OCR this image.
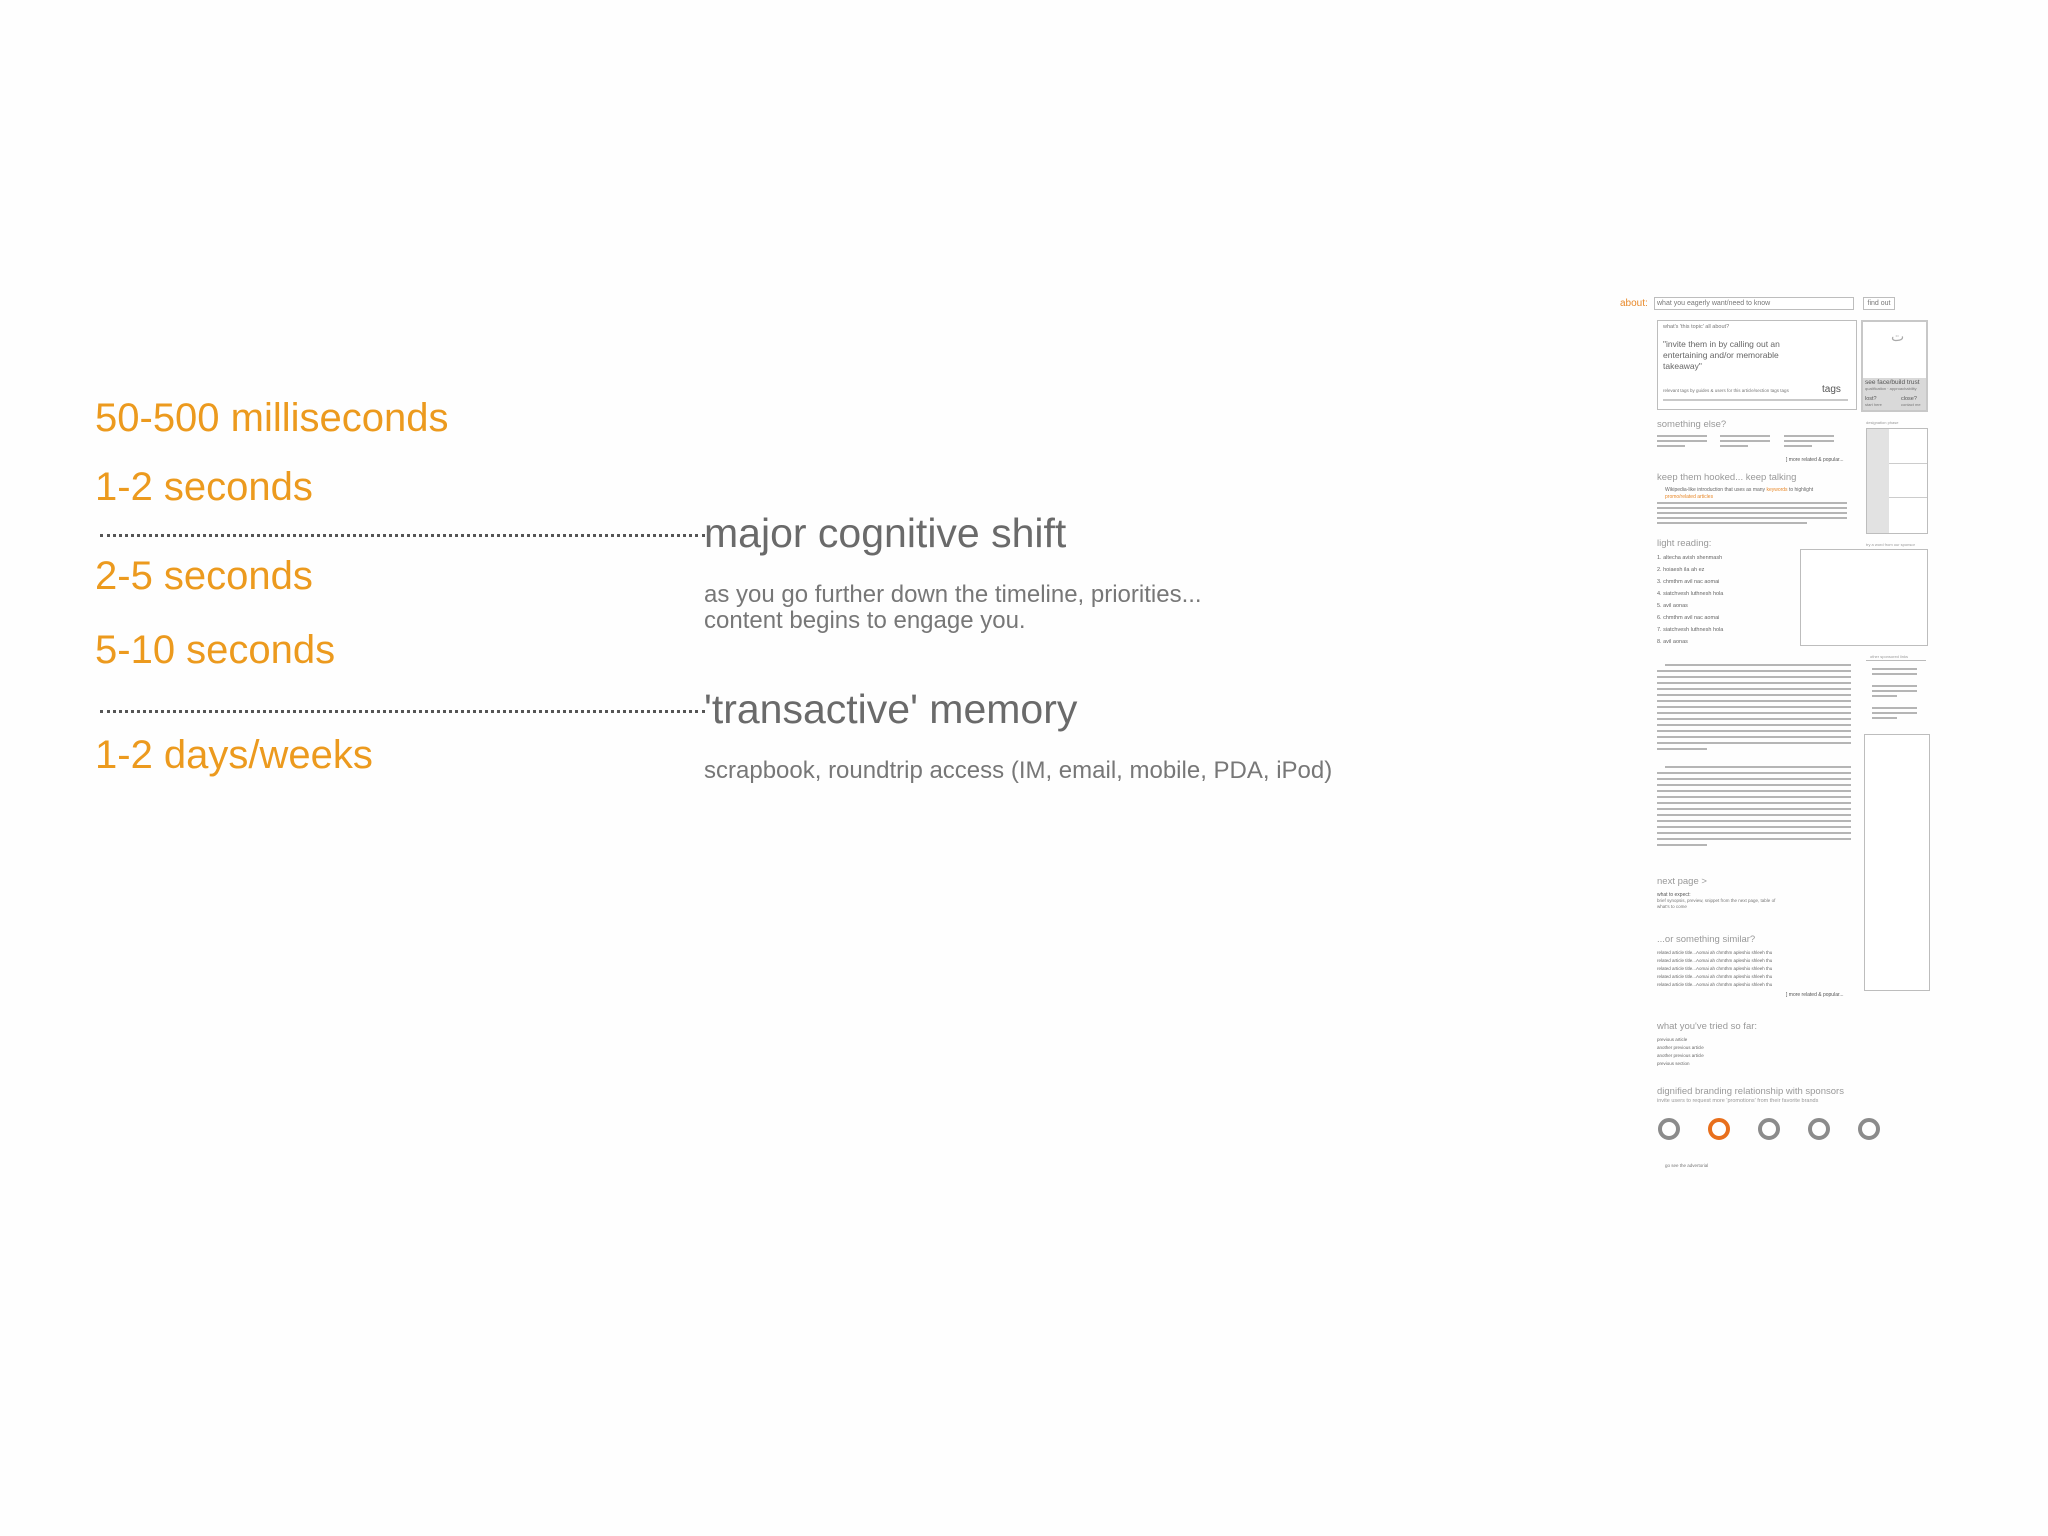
50-500 milliseconds
1-2 seconds
2-5 seconds
5-10 seconds
1-2 days/weeks
major cognitive shift
as you go further down the timeline, priorities...
content begins to engage you.
'transactive' memory
scrapbook, roundtrip access (IM, email, mobile, PDA, iPod)
about:	what you eagerly want/need to know	find out
what's 'this topic' all about?
"invite them in by calling out an
entertaining and/or memorable
takeaway"
relevant tags by guides & users for this article/section tags tags	tags
ت
see face/build trust
qualification · approachability
lost?
start here
close?
contact me
something else?
] more related & popular...
designation phase
keep them hooked... keep talking
Wikipedia-like introduction that uses as many keywords to highlight
promo/related articles
light reading:
1. altecha avish shenmash
2. hoiaesh ila ah ez
3. chmthm avil nac aomai
4. siatchvesh luthnesh hola
5. avil aonas
6. chmthm avil nac aomai
7. siatchvesh luthnesh hola
8. avil aonas
try a word from our sponsor
other sponsored links
next page >
what to expect:
brief synopsis, preview, snippet from the next page, table of
what's to come
...or something similar?
related article title...Aomai ah chmthm apleshio shleeh thu
related article title...Aomai ah chmthm apleshio shleeh thu
related article title...Aomai ah chmthm apleshio shleeh thu
related article title...Aomai ah chmthm apleshio shleeh thu
related article title...Aomai ah chmthm apleshio shleeh thu
] more related & popular...
what you've tried so far:
previous article
another previous article
another previous article
previous section
dignified branding relationship with sponsors
invite users to request more 'promotions' from their favorite brands
go see the advertorial
